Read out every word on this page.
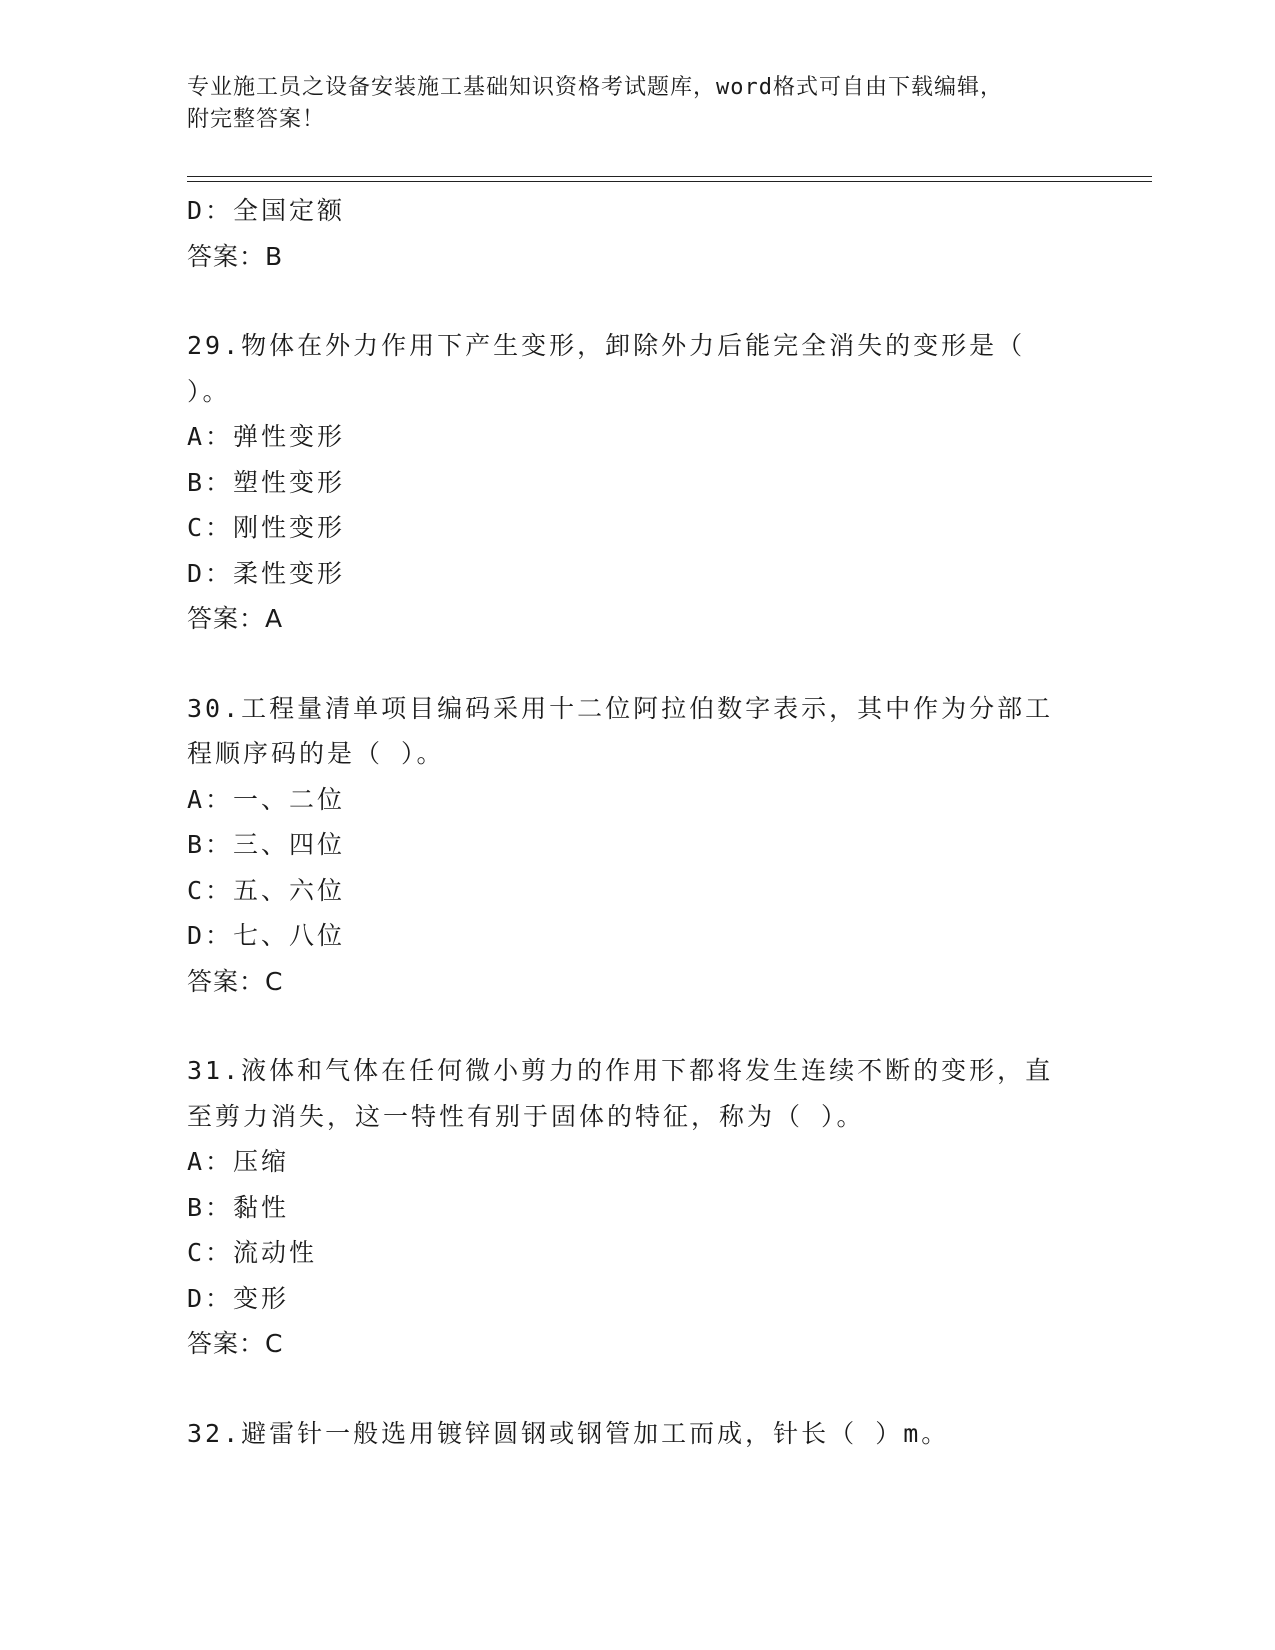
专业施工员之设备安装施工基础知识资格考试题库，word格式可自由下载编辑，
附完整答案！
D：全国定额
答案：B
29.物体在外力作用下产生变形，卸除外力后能完全消失的变形是（
）。
A：弹性变形
B：塑性变形
C：刚性变形
D：柔性变形
答案：A
30.工程量清单项目编码采用十二位阿拉伯数字表示，其中作为分部工
程顺序码的是（ ）。
A：一、二位
B：三、四位
C：五、六位
D：七、八位
答案：C
31.液体和气体在任何微小剪力的作用下都将发生连续不断的变形，直
至剪力消失，这一特性有别于固体的特征，称为（ ）。
A：压缩
B：黏性
C：流动性
D：变形
答案：C
32.避雷针一般选用镀锌圆钢或钢管加工而成，针长（ ）m。
